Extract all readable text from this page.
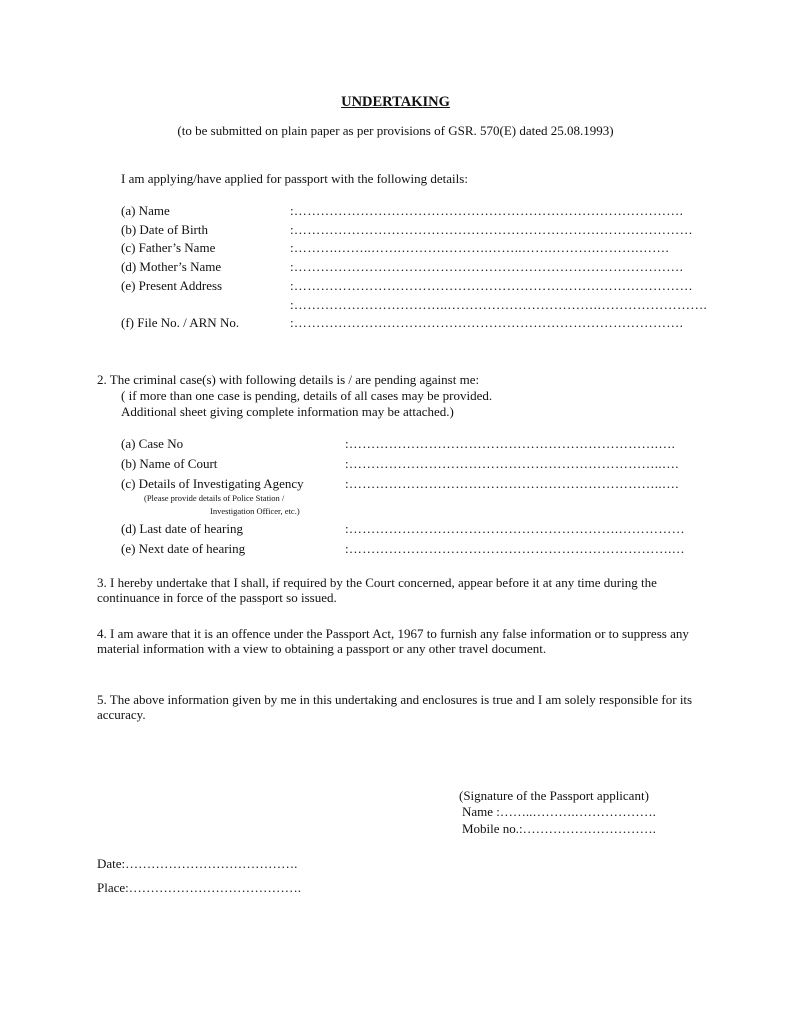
UNDERTAKING
(to be submitted on plain paper as per provisions of GSR. 570(E) dated 25.08.1993)
I am applying/have applied for passport with the following details:
(a) Name	:…………………………………………………………………………….
(b) Date of Birth	:………………………………………………………………………………
(c) Father’s Name	:……….……..…….……….……….……..…….……….……….…….
(d) Mother’s Name	:…………………………………………………………………………….
(e) Present Address	:………………………………………………………………………………
:……………………………..…………………………….…………………….
(f) File No. / ARN No.	:…………………………………………………………………………….
2. The criminal case(s) with following details is / are pending against me:
( if more than one case is pending, details of all cases may be provided.
Additional sheet giving complete information may be attached.)
(a) Case No	:…………………………………………………………….….
(b) Name of Court	:……………………………………………………………..….
(c) Details of Investigating Agency	:……………………………………………………………..….
(Please provide details of Police Station /
Investigation Officer, etc.)
(d) Last date of hearing	:…………………………………………………….……………
(e) Next date of hearing	:……………………………………………………………….…
3. I hereby undertake that I shall, if required by the Court concerned, appear before it at any time during the continuance in force of the passport so issued.
4. I am aware that it is an offence under the Passport Act, 1967 to furnish any false information or to suppress any material information with a view to obtaining a passport or any other travel document.
5. The above information given by me in this undertaking and enclosures is true and I am solely responsible for its accuracy.
(Signature of the Passport applicant)
Name :……..……….……………….
Mobile no.:………………………….
Date:………………………………….
Place:………………………………….
